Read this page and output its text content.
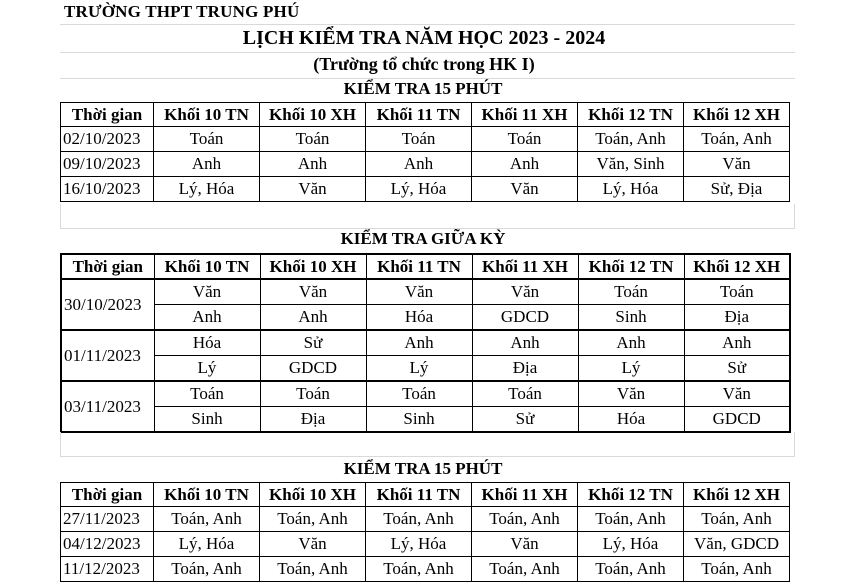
TRƯỜNG THPT TRUNG PHÚ
LỊCH KIỂM TRA NĂM HỌC 2023 - 2024
(Trường tổ chức trong HK I)
KIỂM TRA 15 PHÚT
Thời gian	Khối 10 TN	Khối 10 XH	Khối 11 TN	Khối 11 XH	Khối 12 TN	Khối 12 XH
02/10/2023	Toán	Toán	Toán	Toán	Toán, Anh	Toán, Anh
09/10/2023	Anh	Anh	Anh	Anh	Văn, Sinh	Văn
16/10/2023	Lý, Hóa	Văn	Lý, Hóa	Văn	Lý, Hóa	Sử, Địa
KIỂM TRA GIỮA KỲ
Thời gian	Khối 10 TN	Khối 10 XH	Khối 11 TN	Khối 11 XH	Khối 12 TN	Khối 12 XH
30/10/2023	Văn	Văn	Văn	Văn	Toán	Toán
	Anh	Anh	Hóa	GDCD	Sinh	Địa
01/11/2023	Hóa	Sử	Anh	Anh	Anh	Anh
	Lý	GDCD	Lý	Địa	Lý	Sử
03/11/2023	Toán	Toán	Toán	Toán	Văn	Văn
	Sinh	Địa	Sinh	Sử	Hóa	GDCD
KIỂM TRA 15 PHÚT
Thời gian	Khối 10 TN	Khối 10 XH	Khối 11 TN	Khối 11 XH	Khối 12 TN	Khối 12 XH
27/11/2023	Toán, Anh	Toán, Anh	Toán, Anh	Toán, Anh	Toán, Anh	Toán, Anh
04/12/2023	Lý, Hóa	Văn	Lý, Hóa	Văn	Lý, Hóa	Văn, GDCD
11/12/2023	Toán, Anh	Toán, Anh	Toán, Anh	Toán, Anh	Toán, Anh	Toán, Anh
